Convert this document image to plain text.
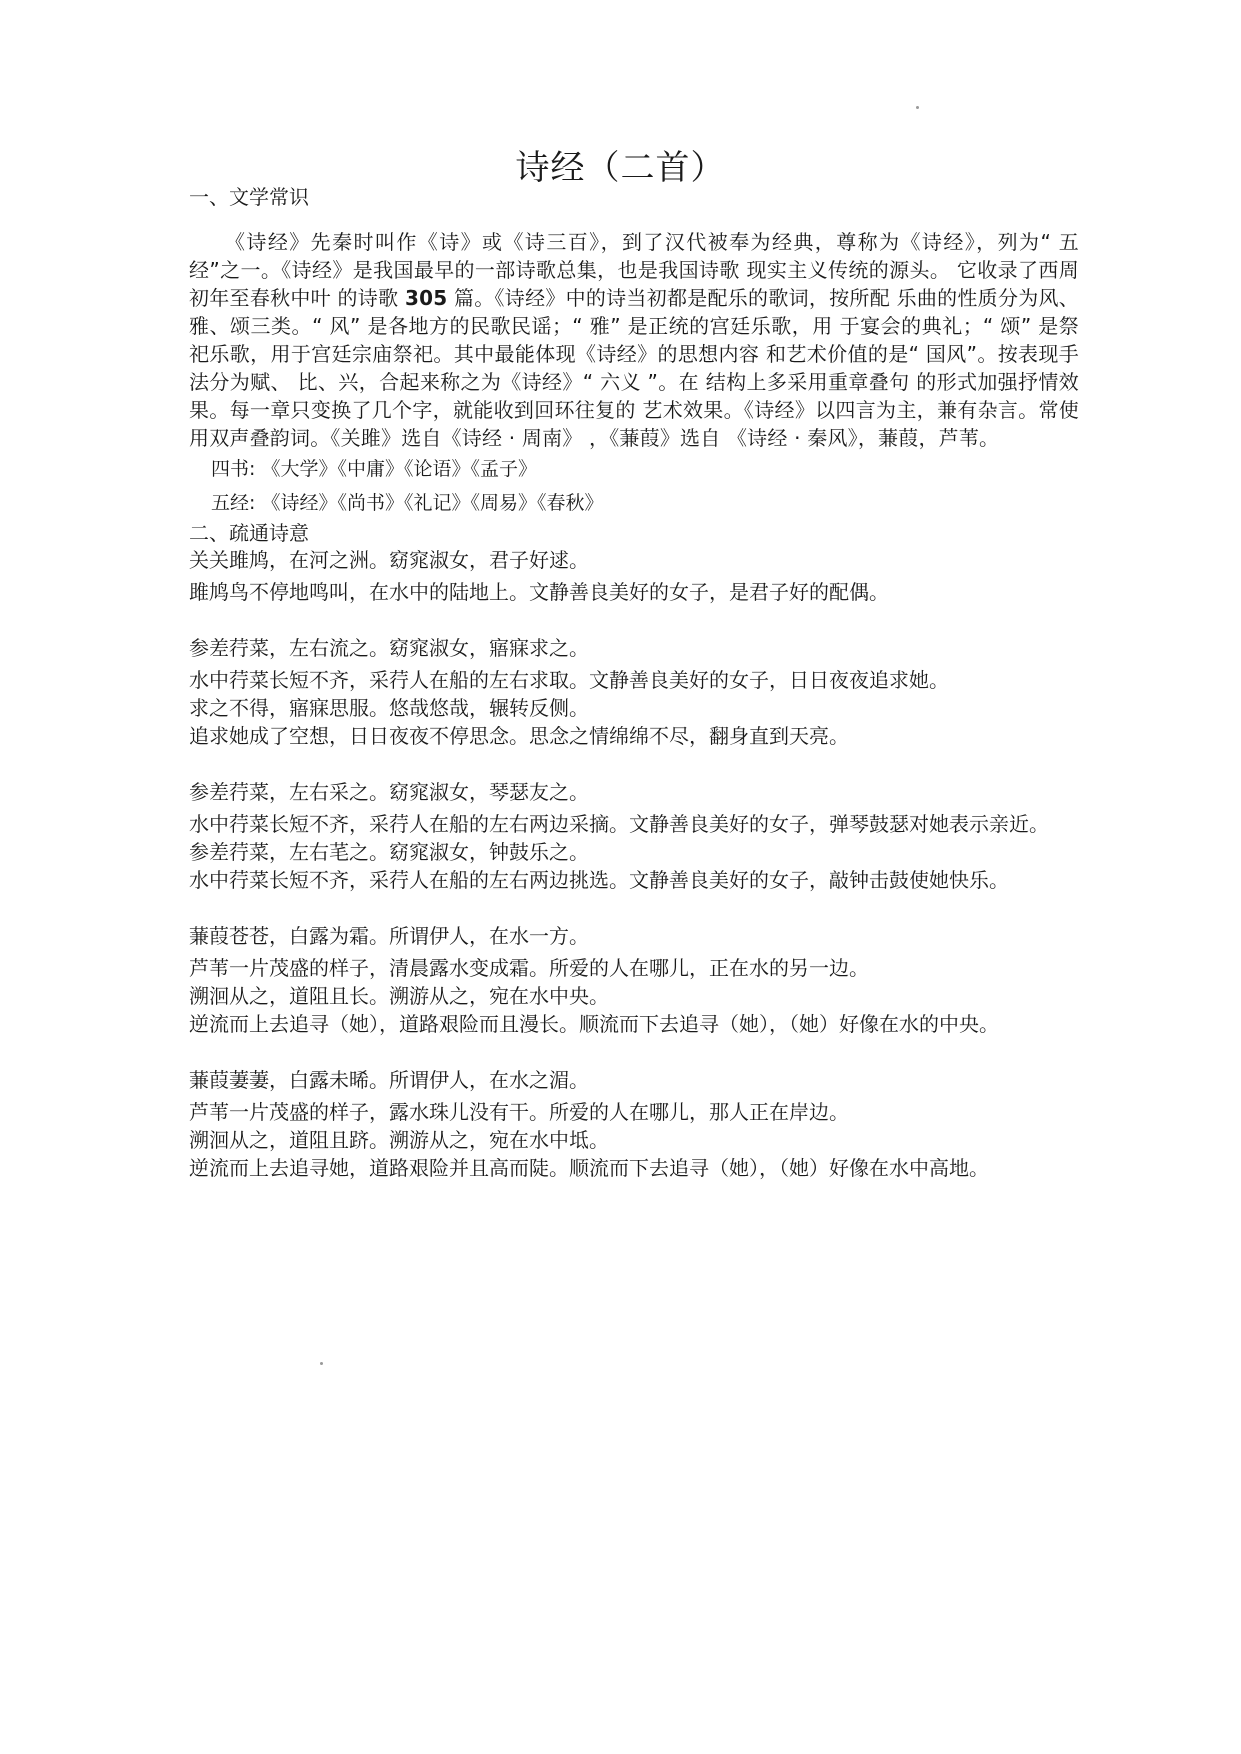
诗经（二首）

一、文学常识

《诗经》先秦时叫作《诗》或《诗三百》，到了汉代被奉为经典，尊称为《诗经》，列为“ 五经”之一。《诗经》是我国最早的一部诗歌总集，也是我国诗歌 现实主义传统的源头。 它收录了西周初年至春秋中叶 的诗歌 305 篇。《诗经》中的诗当初都是配乐的歌词，按所配 乐曲的性质分为风、雅、颂三类。“ 风” 是各地方的民歌民谣；“ 雅” 是正统的宫廷乐歌，用 于宴会的典礼；“ 颂” 是祭祀乐歌，用于宫廷宗庙祭祀。其中最能体现《诗经》的思想内容 和艺术价值的是“ 国风”。按表现手法分为赋、 比、兴，合起来称之为《诗经》“ 六义 ”。在 结构上多采用重章叠句 的形式加强抒情效果。每一章只变换了几个字，就能收到回环往复的 艺术效果。《诗经》以四言为主，兼有杂言。常使用双声叠韵词。《关雎》选自《诗经 · 周南》 ，《蒹葭》选自 《诗经 · 秦风》，蒹葭，芦苇。

四书: 《大学》《中庸》《论语》《孟子》

五经: 《诗经》《尚书》《礼记》《周易》《春秋》

二、疏通诗意

关关雎鸠，在河之洲。窈窕淑女，君子好逑。

雎鸠鸟不停地鸣叫，在水中的陆地上。文静善良美好的女子，是君子好的配偶。

参差荇菜，左右流之。窈窕淑女，寤寐求之。

水中荇菜长短不齐，采荇人在船的左右求取。文静善良美好的女子，日日夜夜追求她。

求之不得，寤寐思服。悠哉悠哉，辗转反侧。

追求她成了空想，日日夜夜不停思念。思念之情绵绵不尽，翻身直到天亮。

参差荇菜，左右采之。窈窕淑女，琴瑟友之。

水中荇菜长短不齐，采荇人在船的左右两边采摘。文静善良美好的女子，弹琴鼓瑟对她表示亲近。

参差荇菜，左右芼之。窈窕淑女，钟鼓乐之。

水中荇菜长短不齐，采荇人在船的左右两边挑选。文静善良美好的女子，敲钟击鼓使她快乐。

蒹葭苍苍，白露为霜。所谓伊人，在水一方。

芦苇一片茂盛的样子，清晨露水变成霜。所爱的人在哪儿，正在水的另一边。

溯洄从之，道阻且长。溯游从之，宛在水中央。

逆流而上去追寻（她），道路艰险而且漫长。顺流而下去追寻（她），（她）好像在水的中央。

蒹葭萋萋，白露未晞。所谓伊人，在水之湄。

芦苇一片茂盛的样子，露水珠儿没有干。所爱的人在哪儿，那人正在岸边。

溯洄从之，道阻且跻。溯游从之，宛在水中坻。

逆流而上去追寻她，道路艰险并且高而陡。顺流而下去追寻（她），（她）好像在水中高地。
